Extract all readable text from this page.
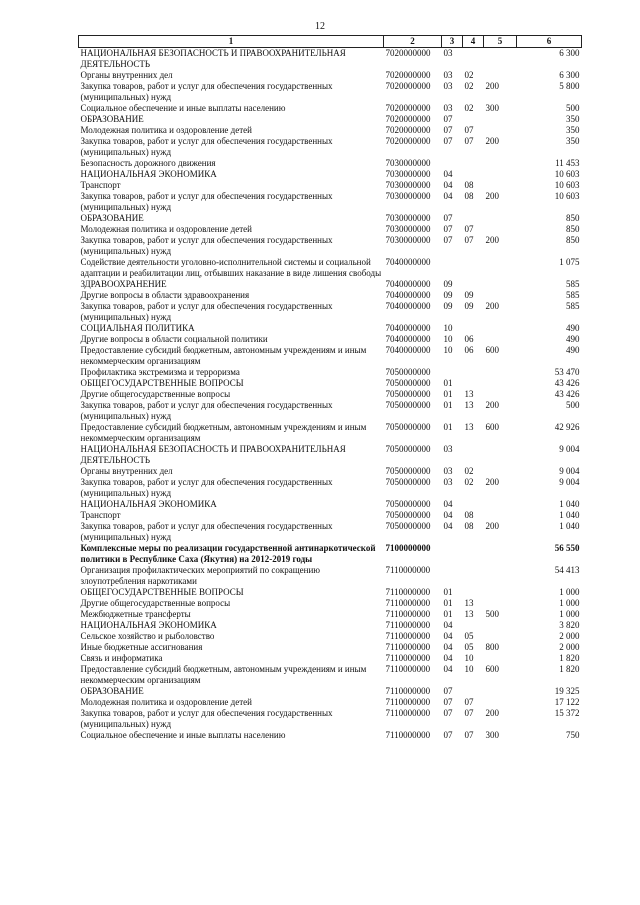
12
1	2	3	4	5	6
НАЦИОНАЛЬНАЯ БЕЗОПАСНОСТЬ И ПРАВООХРАНИТЕЛЬНАЯ ДЕЯТЕЛЬНОСТЬ	7020000000	03			6 300
Органы внутренних дел	7020000000	03	02		6 300
Закупка товаров, работ и услуг для обеспечения государственных (муниципальных) нужд	7020000000	03	02	200	5 800
Социальное обеспечение и иные выплаты населению	7020000000	03	02	300	500
ОБРАЗОВАНИЕ	7020000000	07			350
Молодежная политика и оздоровление детей	7020000000	07	07		350
Закупка товаров, работ и услуг для обеспечения государственных (муниципальных) нужд	7020000000	07	07	200	350
Безопасность дорожного движения	7030000000				11 453
НАЦИОНАЛЬНАЯ ЭКОНОМИКА	7030000000	04			10 603
Транспорт	7030000000	04	08		10 603
Закупка товаров, работ и услуг для обеспечения государственных (муниципальных) нужд	7030000000	04	08	200	10 603
ОБРАЗОВАНИЕ	7030000000	07			850
Молодежная политика и оздоровление детей	7030000000	07	07		850
Закупка товаров, работ и услуг для обеспечения государственных (муниципальных) нужд	7030000000	07	07	200	850
Содействие деятельности уголовно-исполнительной системы и социальной адаптации и реабилитации лиц, отбывших наказание в виде лишения свободы	7040000000				1 075
ЗДРАВООХРАНЕНИЕ	7040000000	09			585
Другие вопросы в области здравоохранения	7040000000	09	09		585
Закупка товаров, работ и услуг для обеспечения государственных (муниципальных) нужд	7040000000	09	09	200	585
СОЦИАЛЬНАЯ ПОЛИТИКА	7040000000	10			490
Другие вопросы в области социальной политики	7040000000	10	06		490
Предоставление субсидий бюджетным, автономным учреждениям и иным некоммерческим организациям	7040000000	10	06	600	490
Профилактика экстремизма и терроризма	7050000000				53 470
ОБЩЕГОСУДАРСТВЕННЫЕ ВОПРОСЫ	7050000000	01			43 426
Другие общегосударственные вопросы	7050000000	01	13		43 426
Закупка товаров, работ и услуг для обеспечения государственных (муниципальных) нужд	7050000000	01	13	200	500
Предоставление субсидий бюджетным, автономным учреждениям и иным некоммерческим организациям	7050000000	01	13	600	42 926
НАЦИОНАЛЬНАЯ БЕЗОПАСНОСТЬ И ПРАВООХРАНИТЕЛЬНАЯ ДЕЯТЕЛЬНОСТЬ	7050000000	03			9 004
Органы внутренних дел	7050000000	03	02		9 004
Закупка товаров, работ и услуг для обеспечения государственных (муниципальных) нужд	7050000000	03	02	200	9 004
НАЦИОНАЛЬНАЯ ЭКОНОМИКА	7050000000	04			1 040
Транспорт	7050000000	04	08		1 040
Закупка товаров, работ и услуг для обеспечения государственных (муниципальных) нужд	7050000000	04	08	200	1 040
Комплексные меры по реализации государственной антинаркотической политики в Республике Саха (Якутия) на 2012-2019 годы	7100000000				56 550
Организация профилактических мероприятий по сокращению злоупотребления наркотиками	7110000000				54 413
ОБЩЕГОСУДАРСТВЕННЫЕ ВОПРОСЫ	7110000000	01			1 000
Другие общегосударственные вопросы	7110000000	01	13		1 000
Межбюджетные трансферты	7110000000	01	13	500	1 000
НАЦИОНАЛЬНАЯ ЭКОНОМИКА	7110000000	04			3 820
Сельское хозяйство и рыболовство	7110000000	04	05		2 000
Иные бюджетные ассигнования	7110000000	04	05	800	2 000
Связь и информатика	7110000000	04	10		1 820
Предоставление субсидий бюджетным, автономным учреждениям и иным некоммерческим организациям	7110000000	04	10	600	1 820
ОБРАЗОВАНИЕ	7110000000	07			19 325
Молодежная политика и оздоровление детей	7110000000	07	07		17 122
Закупка товаров, работ и услуг для обеспечения государственных (муниципальных) нужд	7110000000	07	07	200	15 372
Социальное обеспечение и иные выплаты населению	7110000000	07	07	300	750
